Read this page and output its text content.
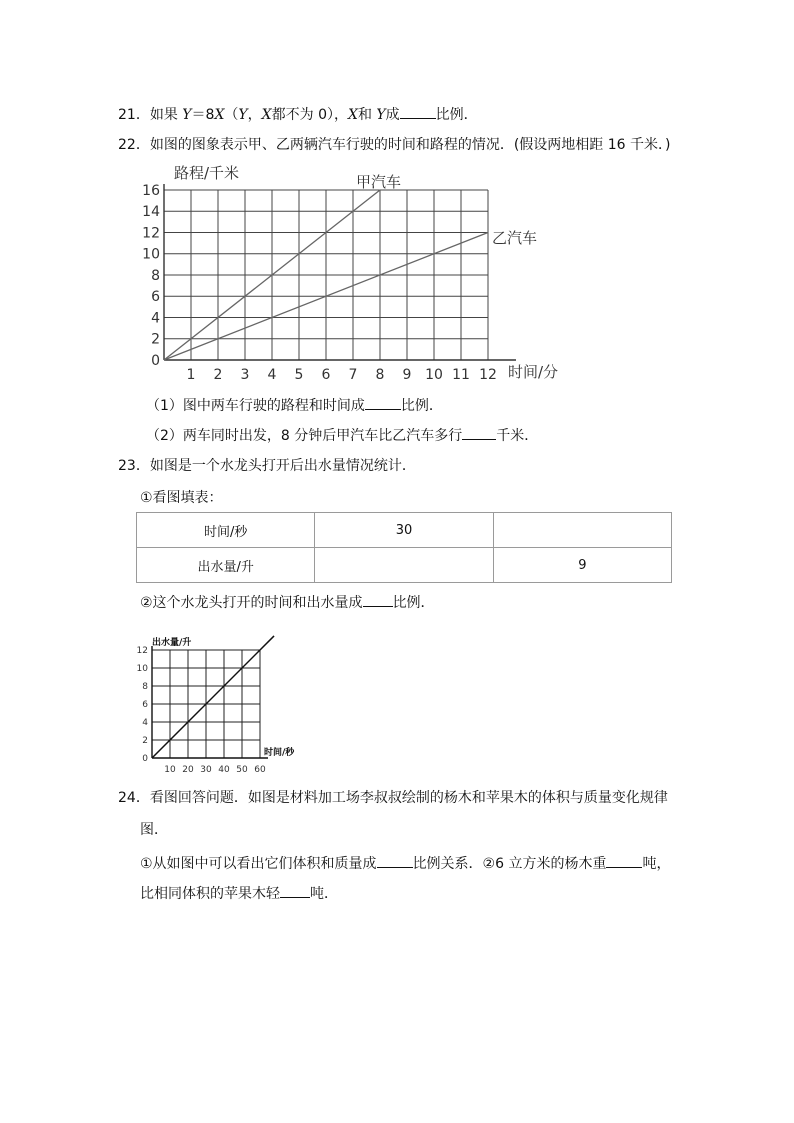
21．如果 Y＝8X（Y，X都不为 0），X和 Y成	比例．
22．如图的图象表示甲、乙两辆汽车行驶的时间和路程的情况．(假设两地相距 16 千米．)
1 2 3 4 5 6 7 8 9 10 11 12
0
2
4
6
8
10
12
14
16
路程/千米
时间/分
甲汽车
乙汽车
（1）图中两车行驶的路程和时间成	比例．
（2）两车同时出发，8 分钟后甲汽车比乙汽车多行 千米．
23．如图是一个水龙头打开后出水量情况统计．
①看图填表：
时间/秒	30	
出水量/升		9
②这个水龙头打开的时间和出水量成 比例．
10 20 30 40 50 60
0
2
4
6
8
10
12
出水量/升
时间/秒
24．看图回答问题．如图是材料加工场李叔叔绘制的杨木和苹果木的体积与质量变化规律
图．
①从如图中可以看出它们体积和质量成	比例关系．②6 立方米的杨木重	吨，
比相同体积的苹果木轻 吨．
